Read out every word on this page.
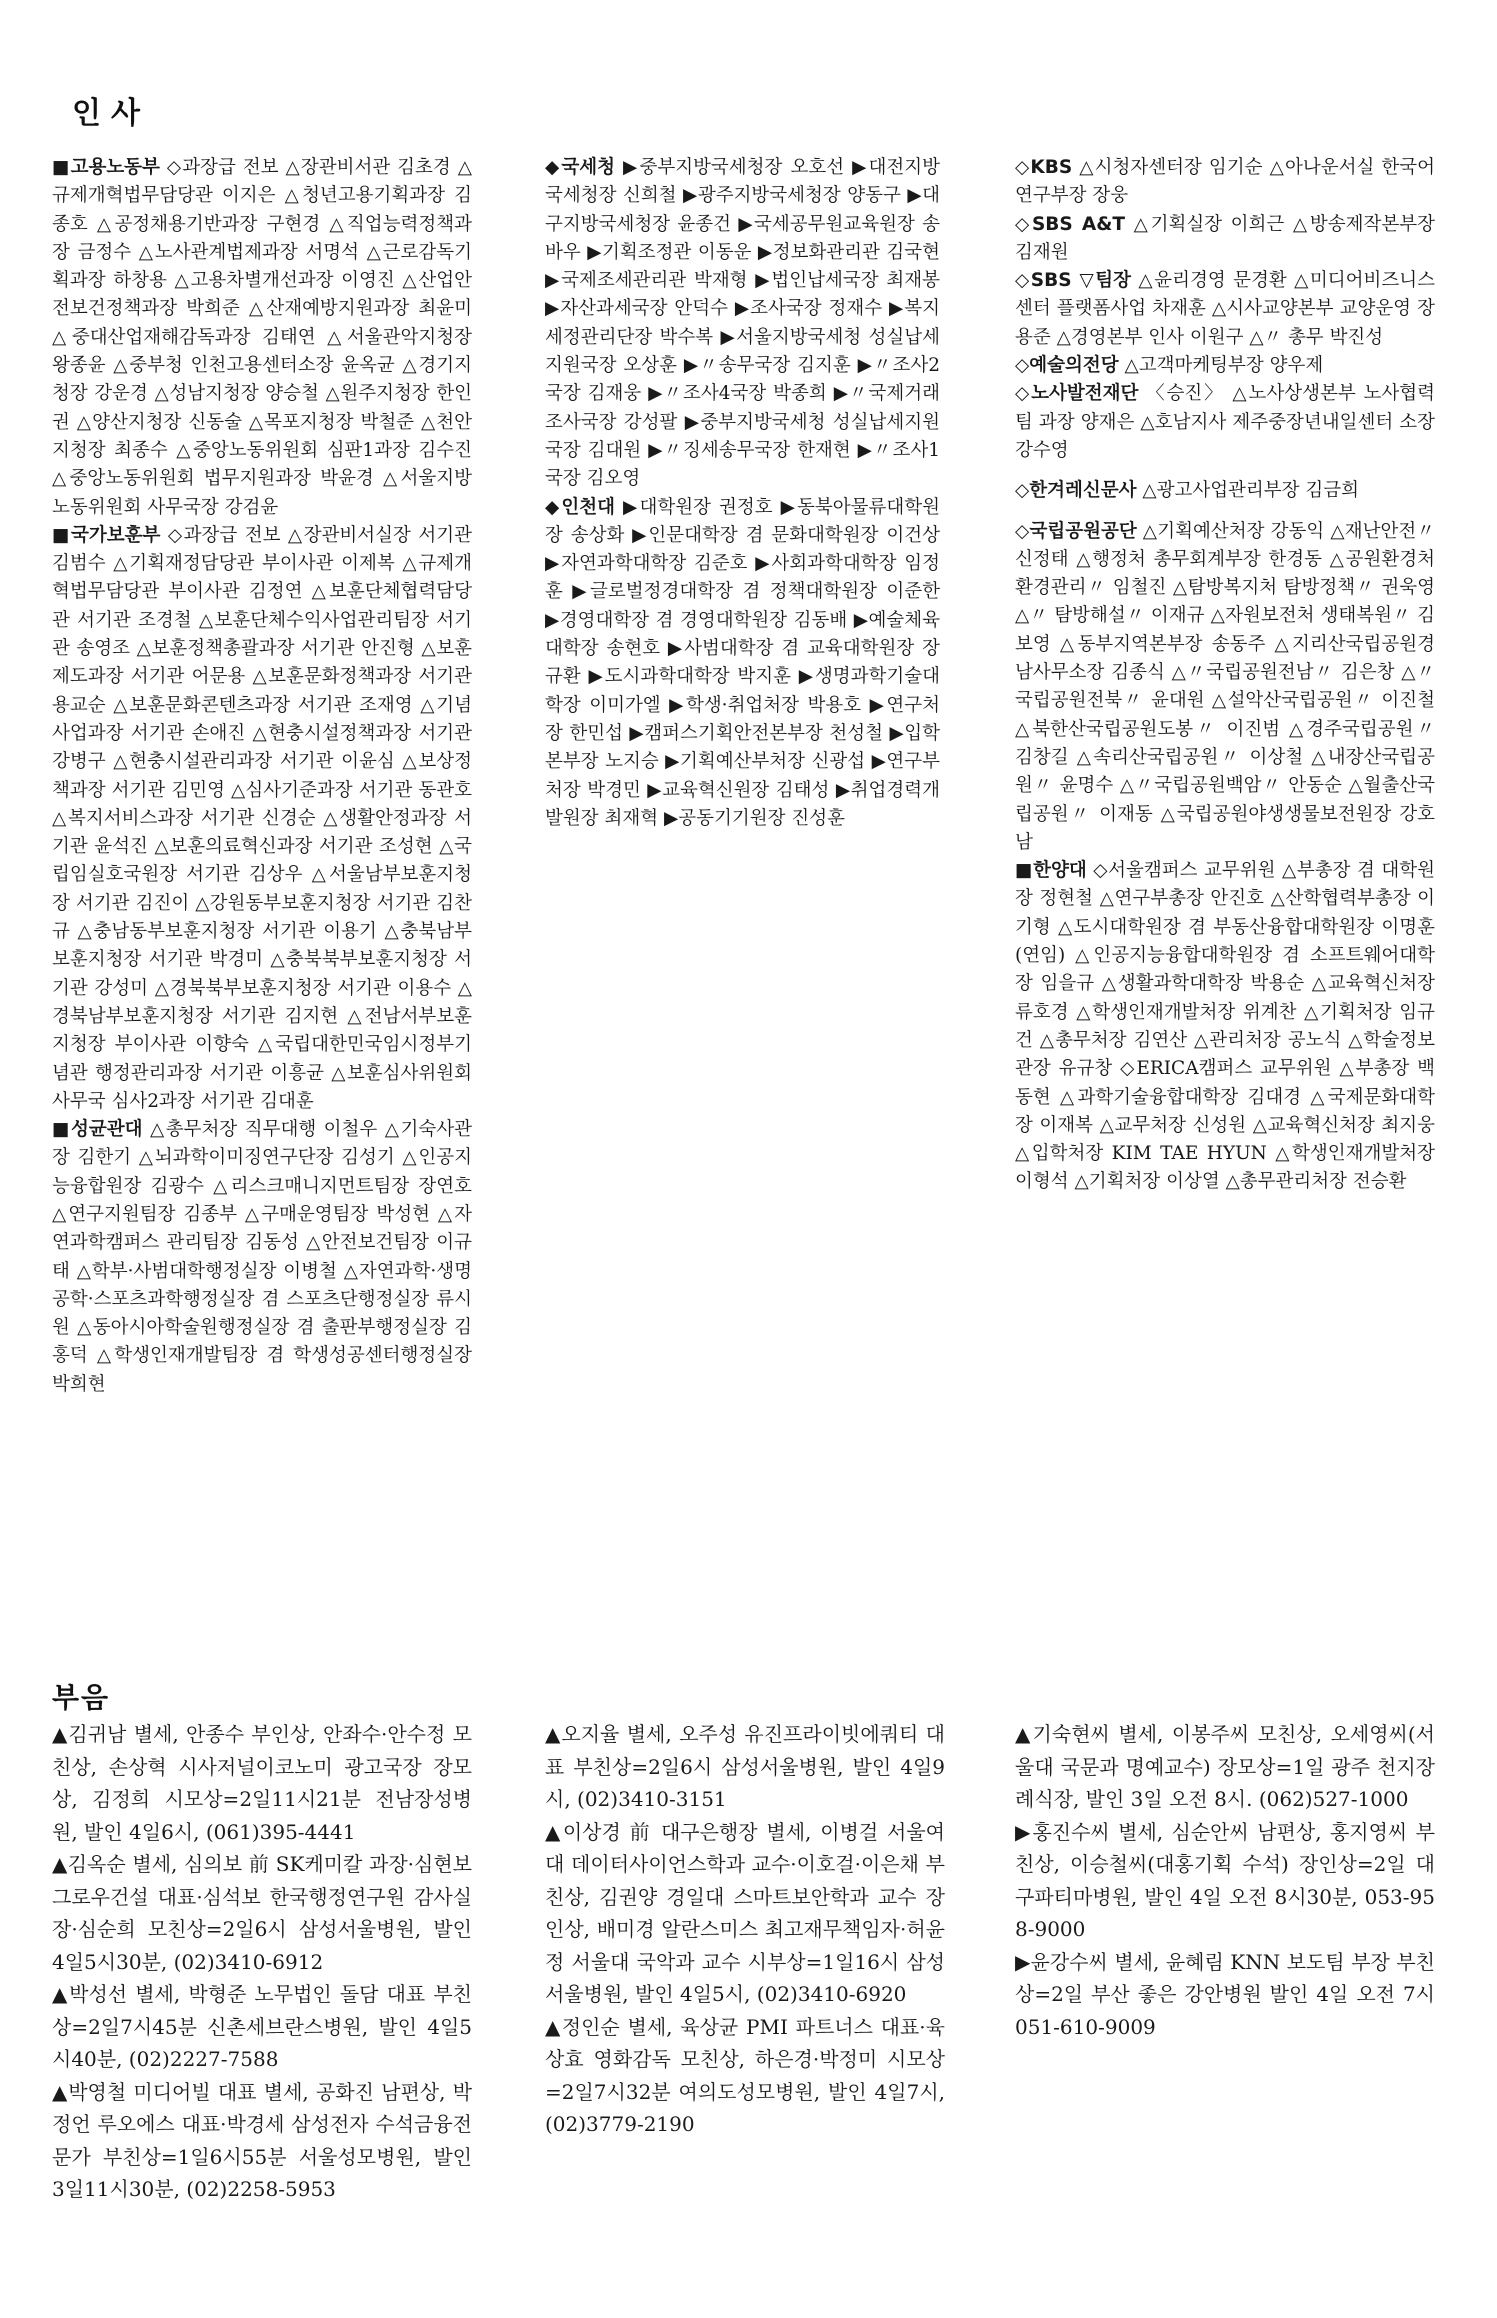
인사

■고용노동부 ◇과장급 전보 △장관비서관 김초경 △규제개혁법무담당관 이지은 △청년고용기획과장 김종호 △공정채용기반과장 구현경 △직업능력정책과장 금정수 △노사관계법제과장 서명석 △근로감독기획과장 하창용 △고용차별개선과장 이영진 △산업안전보건정책과장 박희준 △산재예방지원과장 최윤미 △중대산업재해감독과장 김태연 △서울관악지청장 왕종윤 △중부청 인천고용센터소장 윤옥균 △경기지청장 강운경 △성남지청장 양승철 △원주지청장 한인권 △양산지청장 신동술 △목포지청장 박철준 △천안지청장 최종수 △중앙노동위원회 심판1과장 김수진 △중앙노동위원회 법무지원과장 박윤경 △서울지방노동위원회 사무국장 강검윤

■국가보훈부 ◇과장급 전보 △장관비서실장 서기관 김범수 △기획재정담당관 부이사관 이제복 △규제개혁법무담당관 부이사관 김정연 △보훈단체협력담당관 서기관 조경철 △보훈단체수익사업관리팀장 서기관 송영조 △보훈정책총괄과장 서기관 안진형 △보훈제도과장 서기관 어문용 △보훈문화정책과장 서기관 용교순 △보훈문화콘텐츠과장 서기관 조재영 △기념사업과장 서기관 손애진 △현충시설정책과장 서기관 강병구 △현충시설관리과장 서기관 이윤심 △보상정책과장 서기관 김민영 △심사기준과장 서기관 동관호 △복지서비스과장 서기관 신경순 △생활안정과장 서기관 윤석진 △보훈의료혁신과장 서기관 조성현 △국립임실호국원장 서기관 김상우 △서울남부보훈지청장 서기관 김진이 △강원동부보훈지청장 서기관 김찬규 △충남동부보훈지청장 서기관 이용기 △충북남부보훈지청장 서기관 박경미 △충북북부보훈지청장 서기관 강성미 △경북북부보훈지청장 서기관 이용수 △경북남부보훈지청장 서기관 김지현 △전남서부보훈지청장 부이사관 이향숙 △국립대한민국임시정부기념관 행정관리과장 서기관 이흥균 △보훈심사위원회 사무국 심사2과장 서기관 김대훈

■성균관대 △총무처장 직무대행 이철우 △기숙사관장 김한기 △뇌과학이미징연구단장 김성기 △인공지능융합원장 김광수 △리스크매니지먼트팀장 장연호 △연구지원팀장 김종부 △구매운영팀장 박성현 △자연과학캠퍼스 관리팀장 김동성 △안전보건팀장 이규태 △학부·사범대학행정실장 이병철 △자연과학·생명공학·스포츠과학행정실장 겸 스포츠단행정실장 류시원 △동아시아학술원행정실장 겸 출판부행정실장 김홍덕 △학생인재개발팀장 겸 학생성공센터행정실장 박희현

◆국세청 ▶중부지방국세청장 오호선 ▶대전지방국세청장 신희철 ▶광주지방국세청장 양동구 ▶대구지방국세청장 윤종건 ▶국세공무원교육원장 송바우 ▶기획조정관 이동운 ▶정보화관리관 김국현 ▶국제조세관리관 박재형 ▶법인납세국장 최재봉 ▶자산과세국장 안덕수 ▶조사국장 정재수 ▶복지세정관리단장 박수복 ▶서울지방국세청 성실납세지원국장 오상훈 ▶〃송무국장 김지훈 ▶〃조사2국장 김재웅 ▶〃조사4국장 박종희 ▶〃국제거래조사국장 강성팔 ▶중부지방국세청 성실납세지원국장 김대원 ▶〃징세송무국장 한재현 ▶〃조사1국장 김오영

◆인천대 ▶대학원장 권정호 ▶동북아물류대학원장 송상화 ▶인문대학장 겸 문화대학원장 이건상 ▶자연과학대학장 김준호 ▶사회과학대학장 임정훈 ▶글로벌정경대학장 겸 정책대학원장 이준한 ▶경영대학장 겸 경영대학원장 김동배 ▶예술체육대학장 송현호 ▶사범대학장 겸 교육대학원장 장규환 ▶도시과학대학장 박지훈 ▶생명과학기술대학장 이미가엘 ▶학생·취업처장 박용호 ▶연구처장 한민섭 ▶캠퍼스기획안전본부장 천성철 ▶입학본부장 노지승 ▶기획예산부처장 신광섭 ▶연구부처장 박경민 ▶교육혁신원장 김태성 ▶취업경력개발원장 최재혁 ▶공동기기원장 진성훈

◇KBS △시청자센터장 임기순 △아나운서실 한국어연구부장 장웅

◇SBS A&T △기획실장 이희근 △방송제작본부장 김재원

◇SBS ▽팀장 △윤리경영 문경환 △미디어비즈니스센터 플랫폼사업 차재훈 △시사교양본부 교양운영 장용준 △경영본부 인사 이원구 △〃 총무 박진성

◇예술의전당 △고객마케팅부장 양우제

◇노사발전재단 〈승진〉 △노사상생본부 노사협력팀 과장 양재은 △호남지사 제주중장년내일센터 소장 강수영

◇한겨레신문사 △광고사업관리부장 김금희

◇국립공원공단 △기획예산처장 강동익 △재난안전〃 신정태 △행정처 총무회계부장 한경동 △공원환경처 환경관리〃 임철진 △탐방복지처 탐방정책〃 권욱영 △〃 탐방해설〃 이재규 △자원보전처 생태복원〃 김보영 △동부지역본부장 송동주 △지리산국립공원경남사무소장 김종식 △〃국립공원전남〃 김은창 △〃 국립공원전북〃 윤대원 △설악산국립공원〃 이진철 △북한산국립공원도봉〃 이진범 △경주국립공원〃 김창길 △속리산국립공원〃 이상철 △내장산국립공원〃 윤명수 △〃국립공원백암〃 안동순 △월출산국립공원〃 이재동 △국립공원야생생물보전원장 강호남

■한양대 ◇서울캠퍼스 교무위원 △부총장 겸 대학원장 정현철 △연구부총장 안진호 △산학협력부총장 이기형 △도시대학원장 겸 부동산융합대학원장 이명훈(연임) △인공지능융합대학원장 겸 소프트웨어대학장 임을규 △생활과학대학장 박용순 △교육혁신처장 류호경 △학생인재개발처장 위계찬 △기획처장 임규건 △총무처장 김연산 △관리처장 공노식 △학술정보관장 유규창 ◇ERICA캠퍼스 교무위원 △부총장 백동현 △과학기술융합대학장 김대경 △국제문화대학장 이재복 △교무처장 신성원 △교육혁신처장 최지웅 △입학처장 KIM TAE HYUN △학생인재개발처장 이형석 △기획처장 이상열 △총무관리처장 전승환

부음

▲김귀남 별세, 안종수 부인상, 안좌수·안수정 모친상, 손상혁 시사저널이코노미 광고국장 장모상, 김정희 시모상=2일11시21분 전남장성병원, 발인 4일6시, (061)395-4441

▲김옥순 별세, 심의보 前 SK케미칼 과장·심현보 그로우건설 대표·심석보 한국행정연구원 감사실장·심순희 모친상=2일6시 삼성서울병원, 발인 4일5시30분, (02)3410-6912

▲박성선 별세, 박형준 노무법인 돌담 대표 부친상=2일7시45분 신촌세브란스병원, 발인 4일5시40분, (02)2227-7588

▲박영철 미디어빌 대표 별세, 공화진 남편상, 박정언 루오에스 대표·박경세 삼성전자 수석금융전문가 부친상=1일6시55분 서울성모병원, 발인 3일11시30분, (02)2258-5953

▲오지율 별세, 오주성 유진프라이빗에쿼티 대표 부친상=2일6시 삼성서울병원, 발인 4일9시, (02)3410-3151

▲이상경 前 대구은행장 별세, 이병걸 서울여대 데이터사이언스학과 교수·이호걸·이은채 부친상, 김권양 경일대 스마트보안학과 교수 장인상, 배미경 알란스미스 최고재무책임자·허윤정 서울대 국악과 교수 시부상=1일16시 삼성서울병원, 발인 4일5시, (02)3410-6920

▲정인순 별세, 육상균 PMI 파트너스 대표·육상효 영화감독 모친상, 하은경·박정미 시모상=2일7시32분 여의도성모병원, 발인 4일7시, (02)3779-2190

▲기숙현씨 별세, 이봉주씨 모친상, 오세영씨(서울대 국문과 명예교수) 장모상=1일 광주 천지장례식장, 발인 3일 오전 8시. (062)527-1000

▶홍진수씨 별세, 심순안씨 남편상, 홍지영씨 부친상, 이승철씨(대홍기획 수석) 장인상=2일 대구파티마병원, 발인 4일 오전 8시30분, 053-958-9000

▶윤강수씨 별세, 윤혜림 KNN 보도팀 부장 부친상=2일 부산 좋은 강안병원 발인 4일 오전 7시 051-610-9009
